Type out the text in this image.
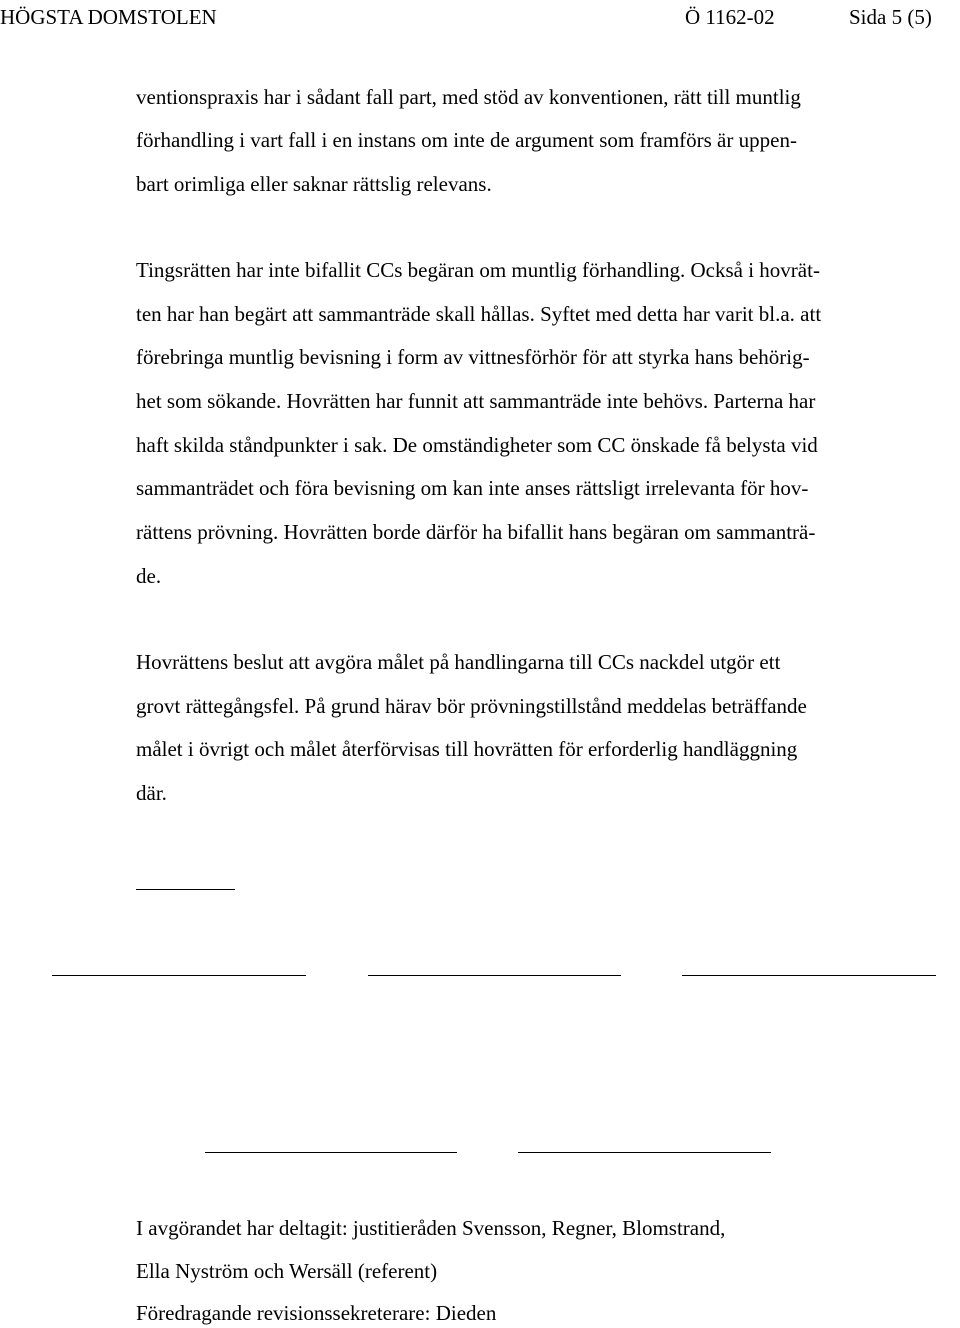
HÖGSTA DOMSTOLEN	Ö 1162-02	Sida 5 (5)
ventionspraxis har i sådant fall part, med stöd av konventionen, rätt till muntlig
förhandling i vart fall i en instans om inte de argument som framförs är uppen-
bart orimliga eller saknar rättslig relevans.
Tingsrätten har inte bifallit CCs begäran om muntlig förhandling. Också i hovrät-
ten har han begärt att sammanträde skall hållas. Syftet med detta har varit bl.a. att
förebringa muntlig bevisning i form av vittnesförhör för att styrka hans behörig-
het som sökande. Hovrätten har funnit att sammanträde inte behövs. Parterna har
haft skilda ståndpunkter i sak. De omständigheter som CC önskade få belysta vid
sammanträdet och föra bevisning om kan inte anses rättsligt irrelevanta för hov-
rättens prövning. Hovrätten borde därför ha bifallit hans begäran om sammanträ-
de.
Hovrättens beslut att avgöra målet på handlingarna till CCs nackdel utgör ett
grovt rättegångsfel. På grund härav bör prövningstillstånd meddelas beträffande
målet i övrigt och målet återförvisas till hovrätten för erforderlig handläggning
där.
I avgörandet har deltagit: justitieråden Svensson, Regner, Blomstrand,
Ella Nyström och Wersäll (referent)
Föredragande revisionssekreterare: Dieden
